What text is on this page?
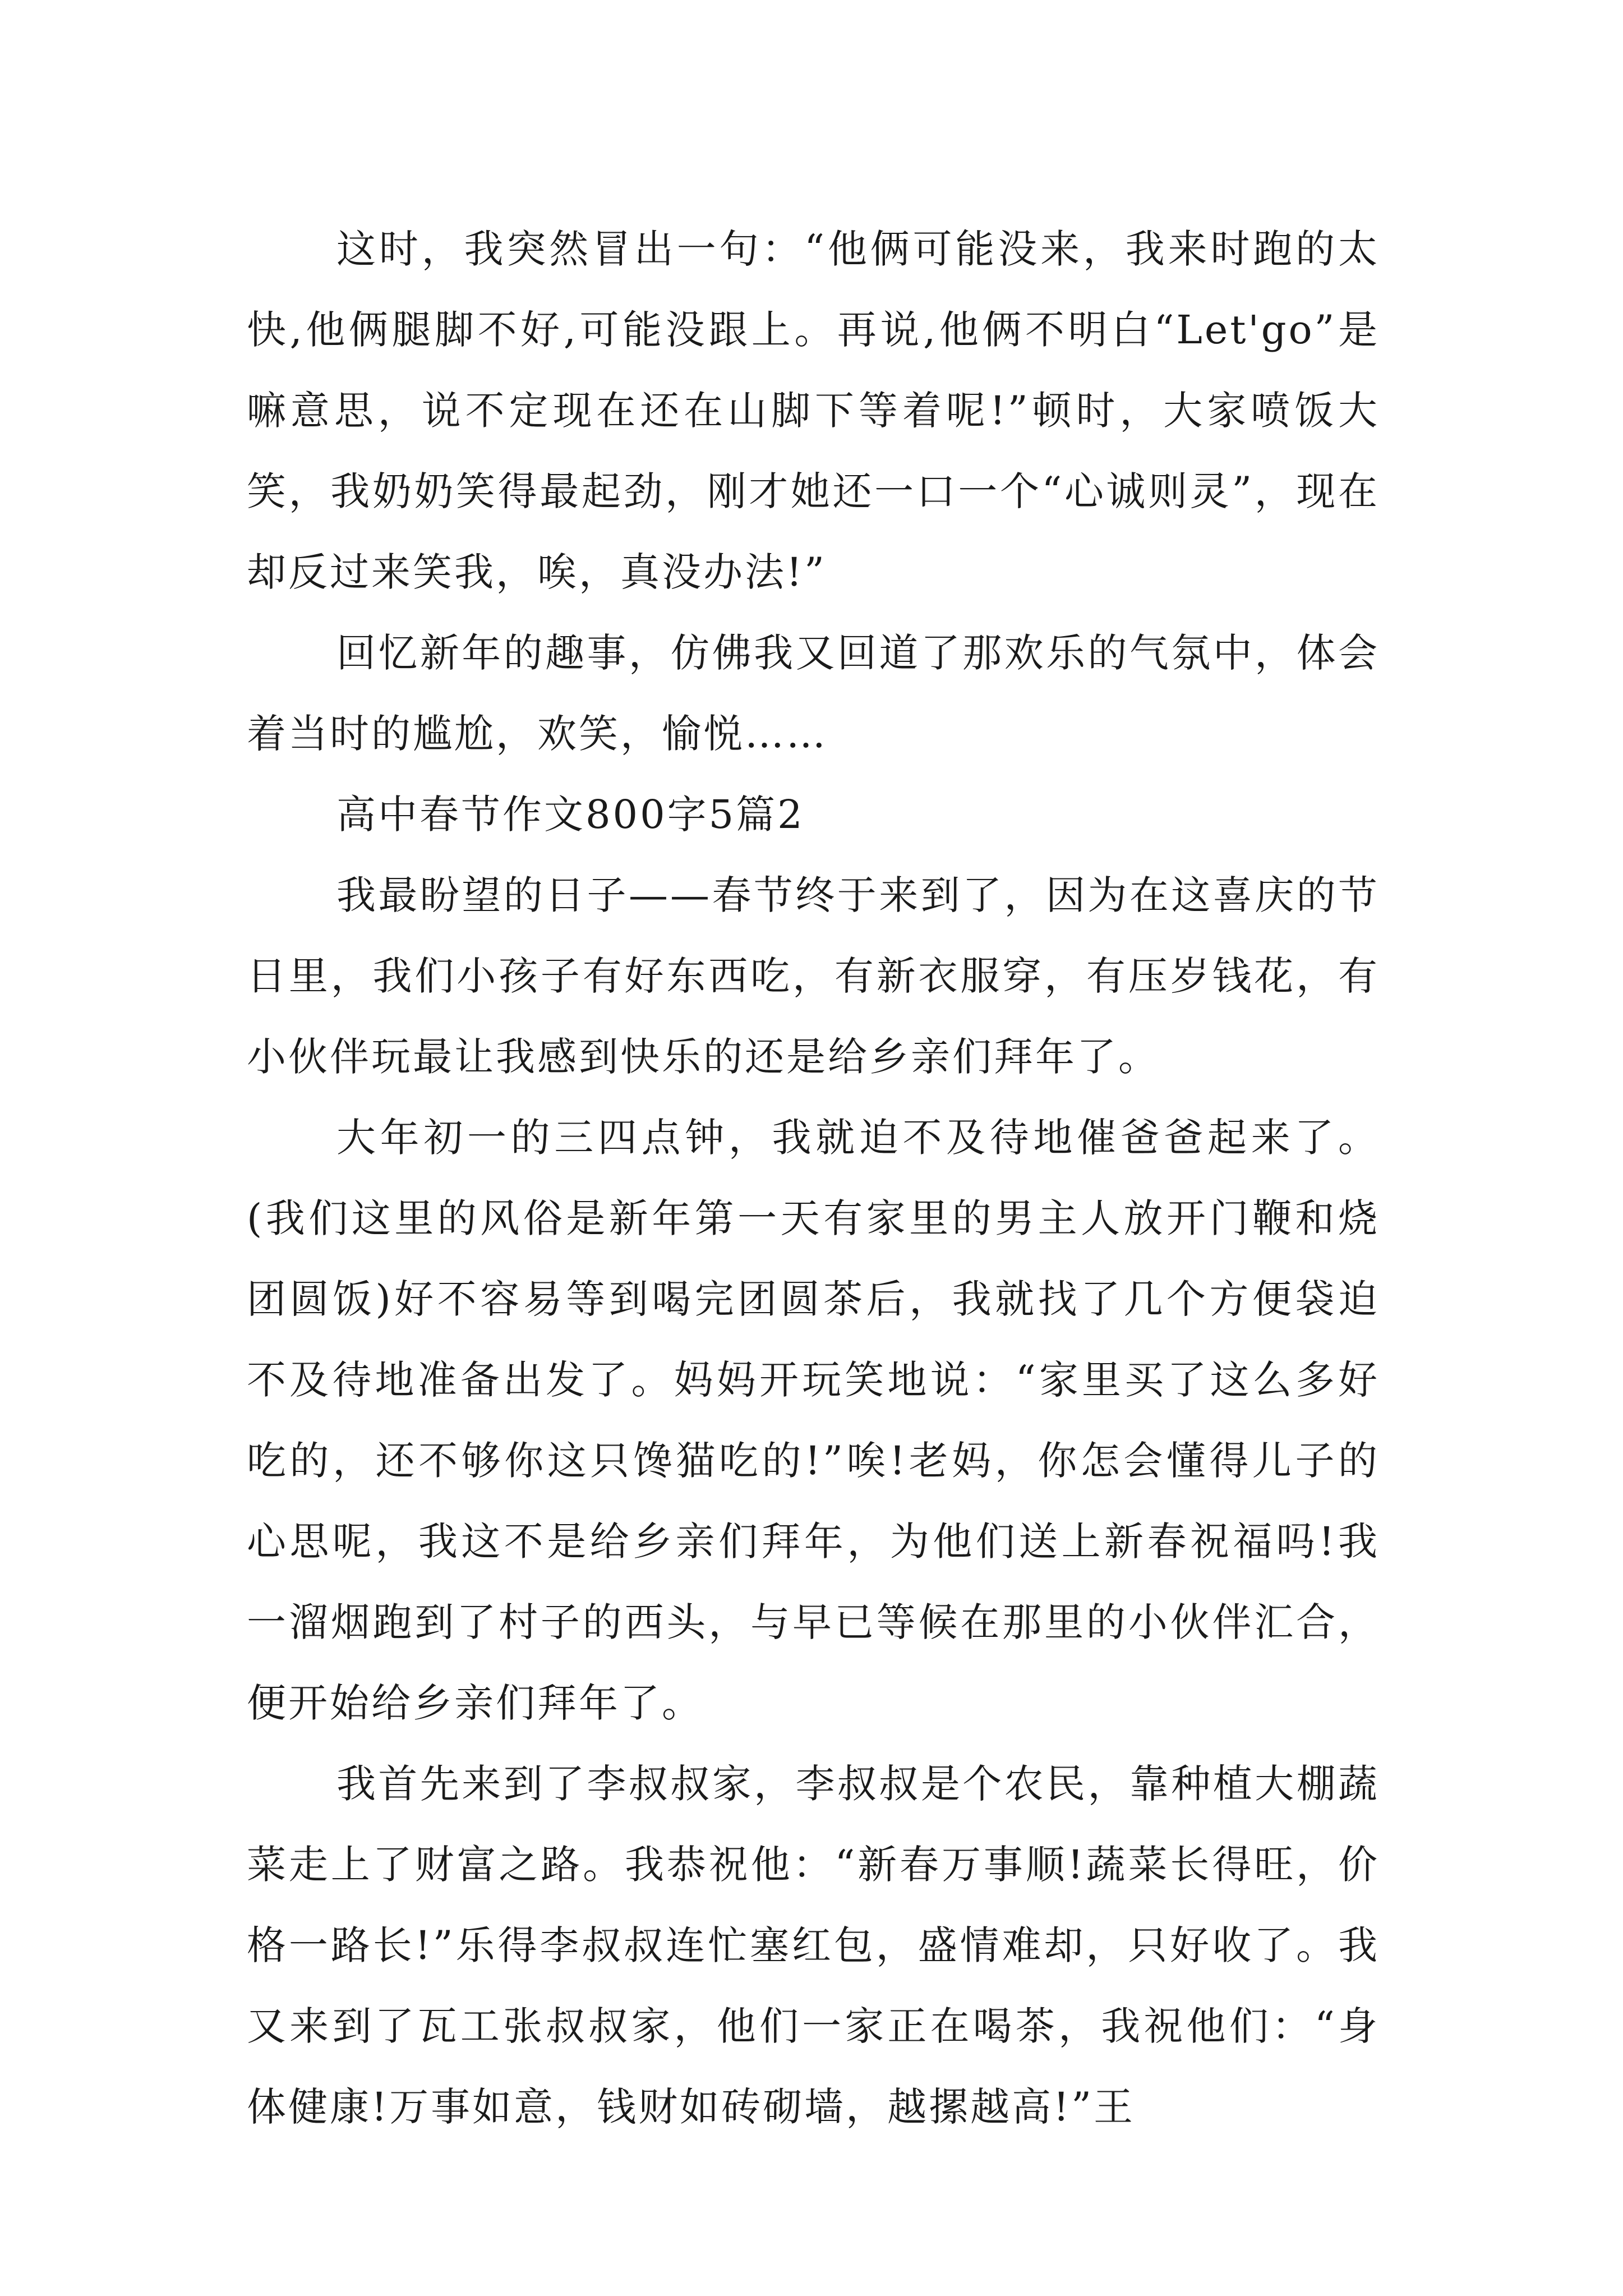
这时，我突然冒出一句：“他俩可能没来，我来时跑的太快,他俩腿脚不好,可能没跟上。再说,他俩不明白“Let'go”是嘛意思，说不定现在还在山脚下等着呢!”顿时，大家喷饭大笑，我奶奶笑得最起劲，刚才她还一口一个“心诚则灵”，现在却反过来笑我，唉，真没办法!”

回忆新年的趣事，仿佛我又回道了那欢乐的气氛中，体会着当时的尴尬，欢笑，愉悦……

高中春节作文800字5篇2

我最盼望的日子——春节终于来到了，因为在这喜庆的节日里，我们小孩子有好东西吃，有新衣服穿，有压岁钱花，有小伙伴玩最让我感到快乐的还是给乡亲们拜年了。

大年初一的三四点钟，我就迫不及待地催爸爸起来了。(我们这里的风俗是新年第一天有家里的男主人放开门鞭和烧团圆饭)好不容易等到喝完团圆茶后，我就找了几个方便袋迫不及待地准备出发了。妈妈开玩笑地说：“家里买了这么多好吃的，还不够你这只馋猫吃的!”唉!老妈，你怎会懂得儿子的心思呢，我这不是给乡亲们拜年，为他们送上新春祝福吗!我一溜烟跑到了村子的西头，与早已等候在那里的小伙伴汇合，便开始给乡亲们拜年了。

我首先来到了李叔叔家，李叔叔是个农民，靠种植大棚蔬菜走上了财富之路。我恭祝他：“新春万事顺!蔬菜长得旺，价格一路长!”乐得李叔叔连忙塞红包，盛情难却，只好收了。我又来到了瓦工张叔叔家，他们一家正在喝茶，我祝他们：“身体健康!万事如意，钱财如砖砌墙，越摞越高!”王
